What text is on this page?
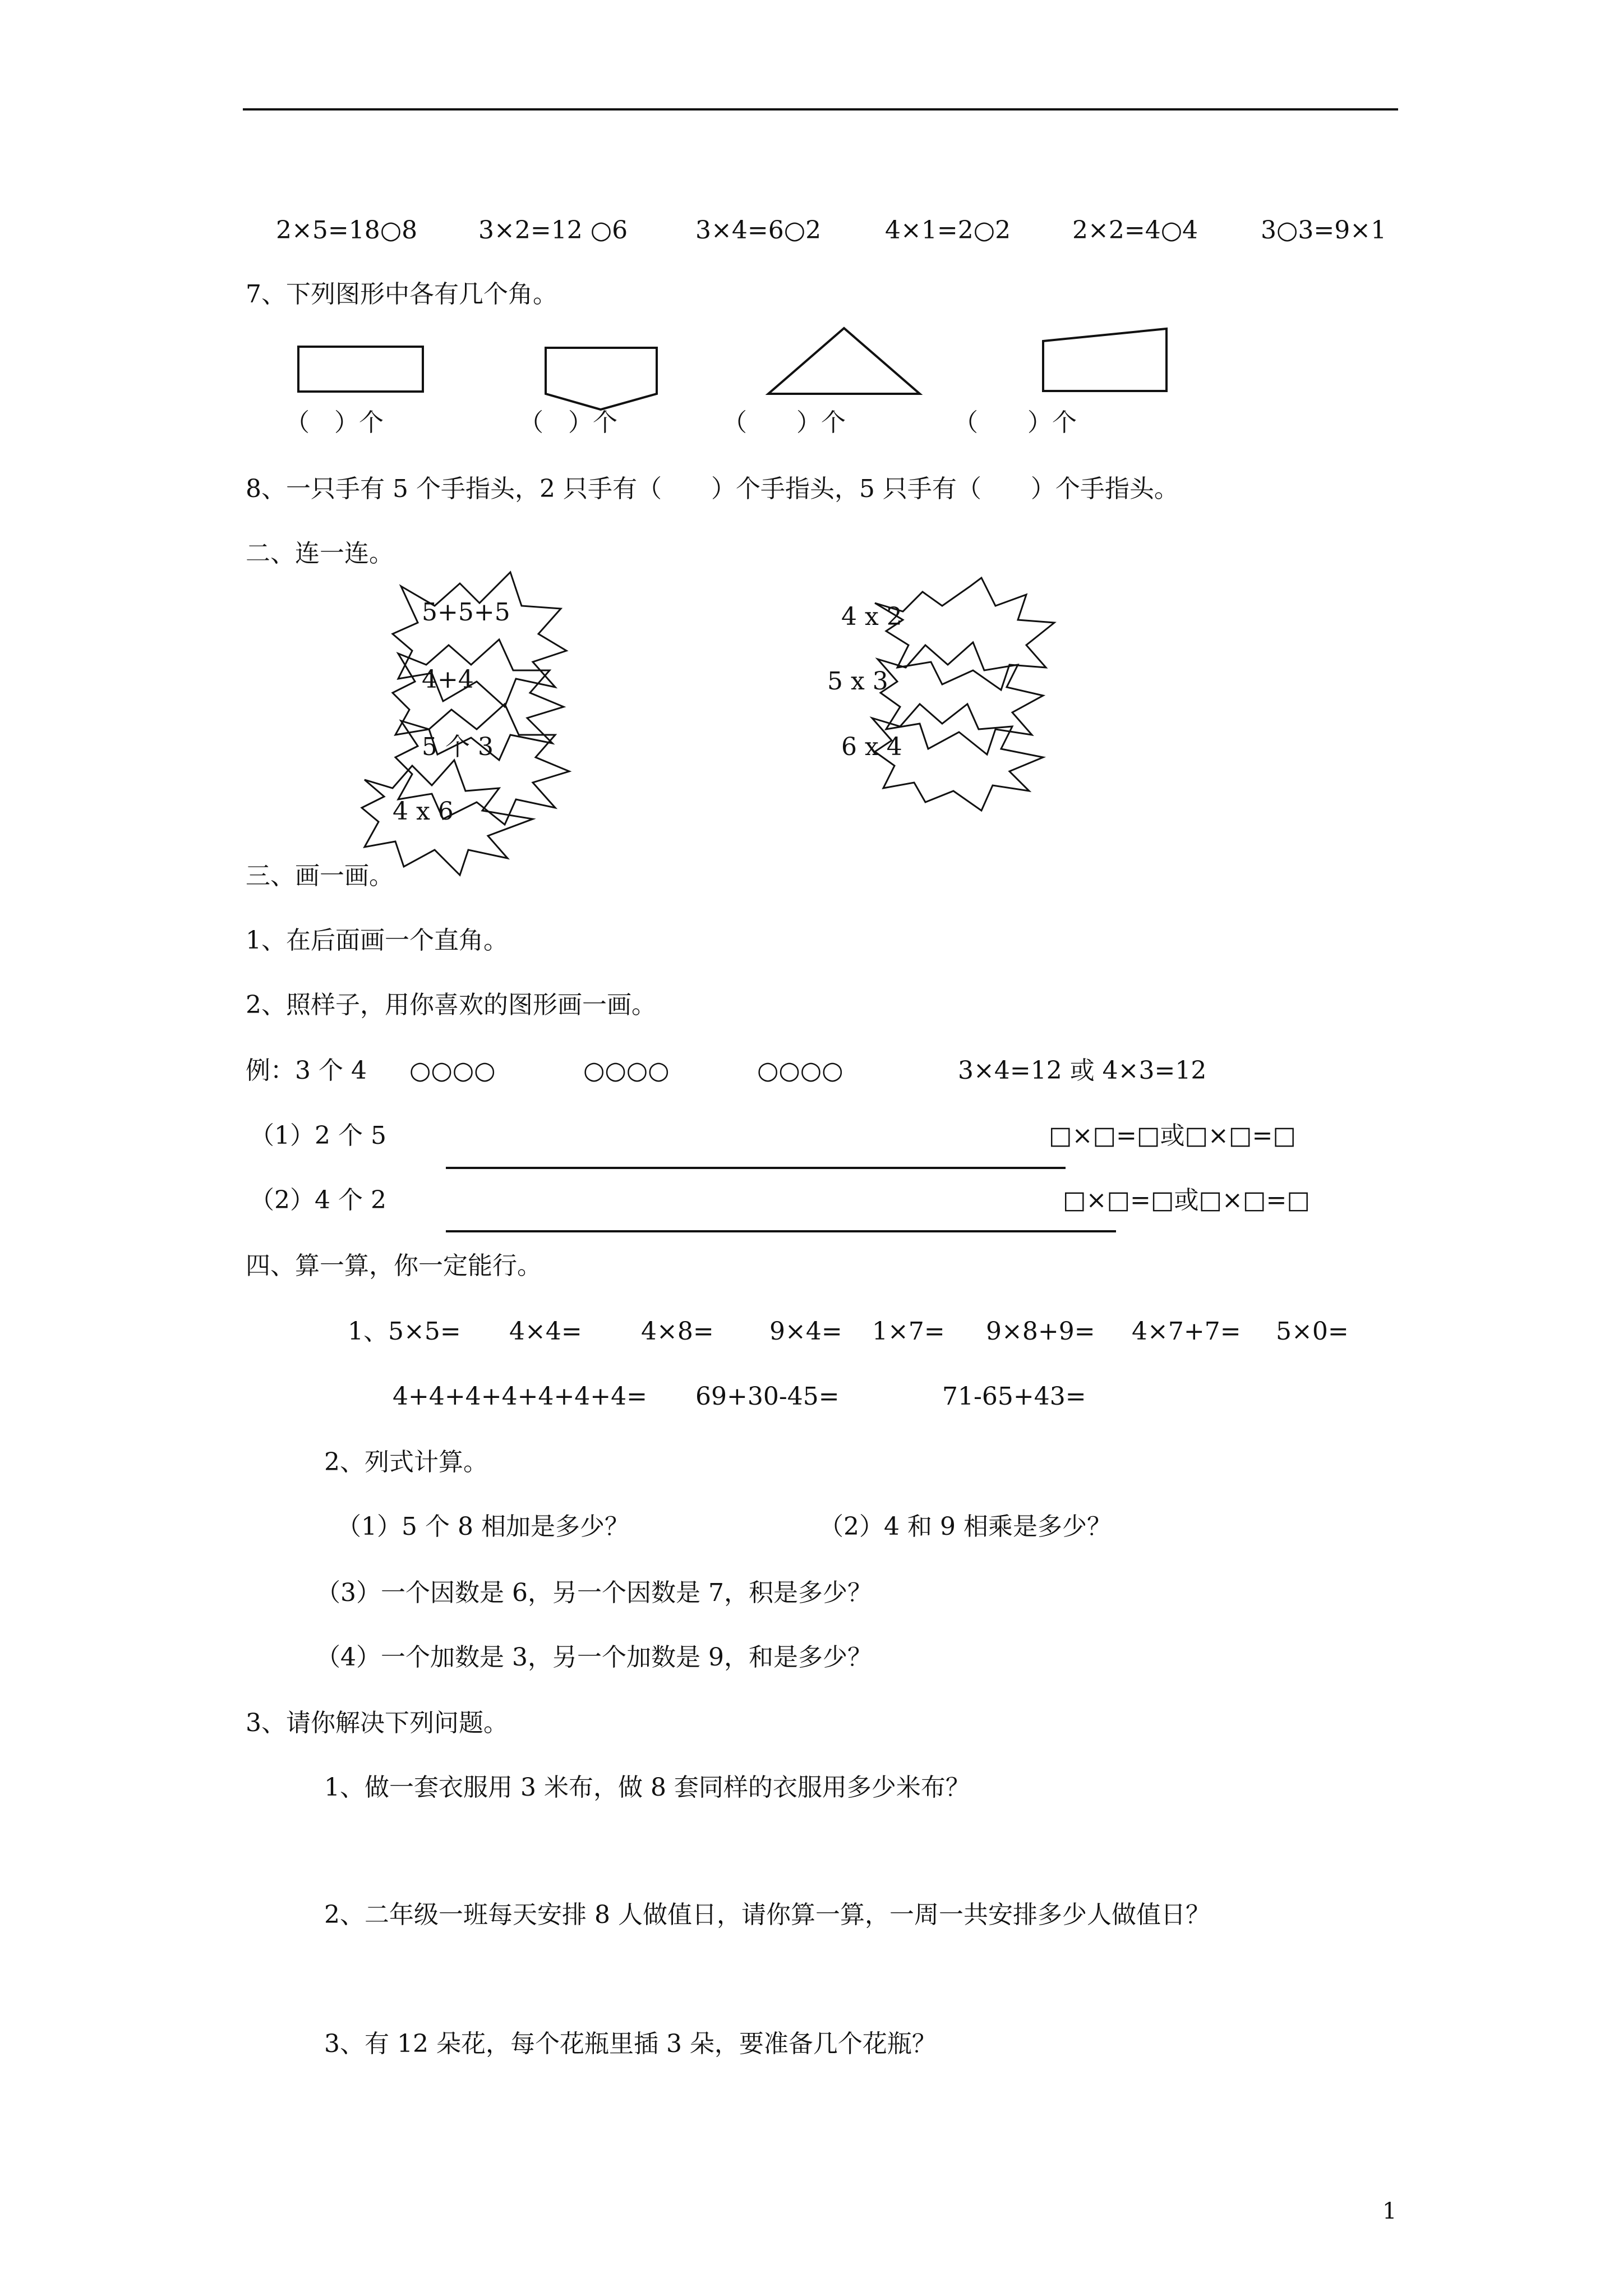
2×5=18○8 3×2=12 ○6	3×4=6○2	4×1=2○2 2×2=4○4	3○3=9×1
7、下列图形中各有几个角。
（　）个	（　）个	（　　）个	（　　）个
8、一只手有 5 个手指头，2 只手有（　　）个手指头，5 只手有（　　）个手指头。
二、连一连。
5+5+5
4+4
5 个 3
4 x 6
4 x 2
5 x 3
6 x 4
三、画一画。
1、在后面画一个直角。
2、照样子，用你喜欢的图形画一画。
例：3 个 4 ○○○○	○○○○	○○○○	3×4=12 或 4×3=12
（1）2 个 5	□×□=□或□×□=□
（2）4 个 2	□×□=□或□×□=□
四、算一算，你一定能行。
1、5×5= 4×4= 4×8= 9×4= 1×7= 9×8+9= 4×7+7= 5×0=
4+4+4+4+4+4+4= 69+30-45=	71-65+43=
2、列式计算。
（1）5 个 8 相加是多少？	（2）4 和 9 相乘是多少？
（3）一个因数是 6，另一个因数是 7，积是多少？
（4）一个加数是 3，另一个加数是 9，和是多少？
3、请你解决下列问题。
1、做一套衣服用 3 米布，做 8 套同样的衣服用多少米布？
2、二年级一班每天安排 8 人做值日，请你算一算，一周一共安排多少人做值日？
3、有 12 朵花，每个花瓶里插 3 朵，要准备几个花瓶？
1
